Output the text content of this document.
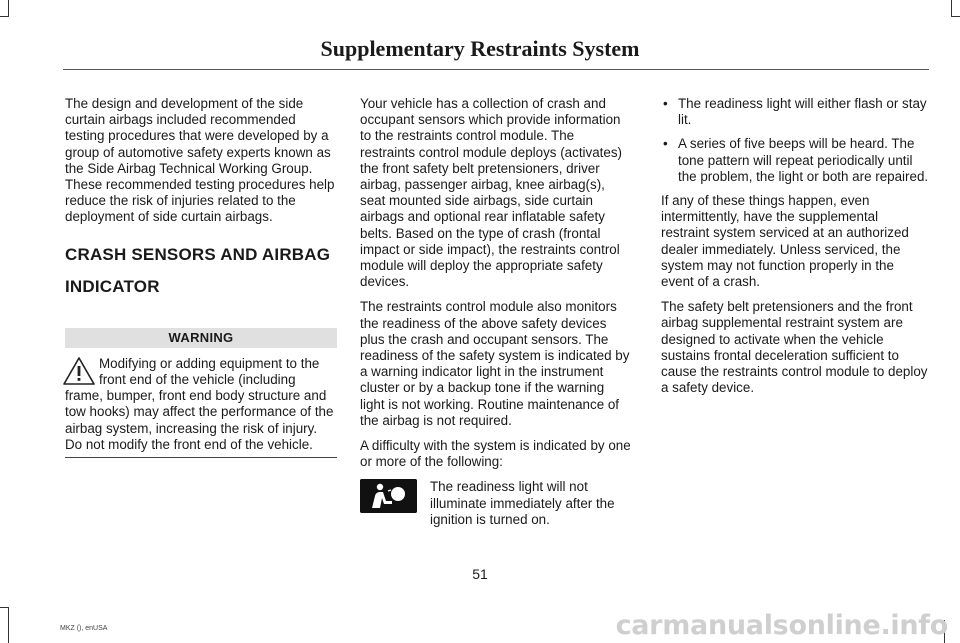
Supplementary Restraints System

The design and development of the side curtain airbags included recommended testing procedures that were developed by a group of automotive safety experts known as the Side Airbag Technical Working Group. These recommended testing procedures help reduce the risk of injuries related to the deployment of side curtain airbags.

CRASH SENSORS AND AIRBAG
INDICATOR
WARNING
Modifying or adding equipment to the front end of the vehicle (including frame, bumper, front end body structure and tow hooks) may affect the performance of the airbag system, increasing the risk of injury. Do not modify the front end of the vehicle.

Your vehicle has a collection of crash and occupant sensors which provide information to the restraints control module. The restraints control module deploys (activates) the front safety belt pretensioners, driver airbag, passenger airbag, knee airbag(s), seat mounted side airbags, side curtain airbags and optional rear inflatable safety belts. Based on the type of crash (frontal impact or side impact), the restraints control module will deploy the appropriate safety devices.

The restraints control module also monitors the readiness of the above safety devices plus the crash and occupant sensors. The readiness of the safety system is indicated by a warning indicator light in the instrument cluster or by a backup tone if the warning light is not working. Routine maintenance of the airbag is not required.

A difficulty with the system is indicated by one or more of the following:

The readiness light will not illuminate immediately after the ignition is turned on.
• The readiness light will either flash or stay lit.
• A series of five beeps will be heard. The tone pattern will repeat periodically until the problem, the light or both are repaired.

If any of these things happen, even intermittently, have the supplemental restraint system serviced at an authorized dealer immediately. Unless serviced, the system may not function properly in the event of a crash.

The safety belt pretensioners and the front airbag supplemental restraint system are designed to activate when the vehicle sustains frontal deceleration sufficient to cause the restraints control module to deploy a safety device.

51
MKZ (), enUSA	carmanualsonline.info
